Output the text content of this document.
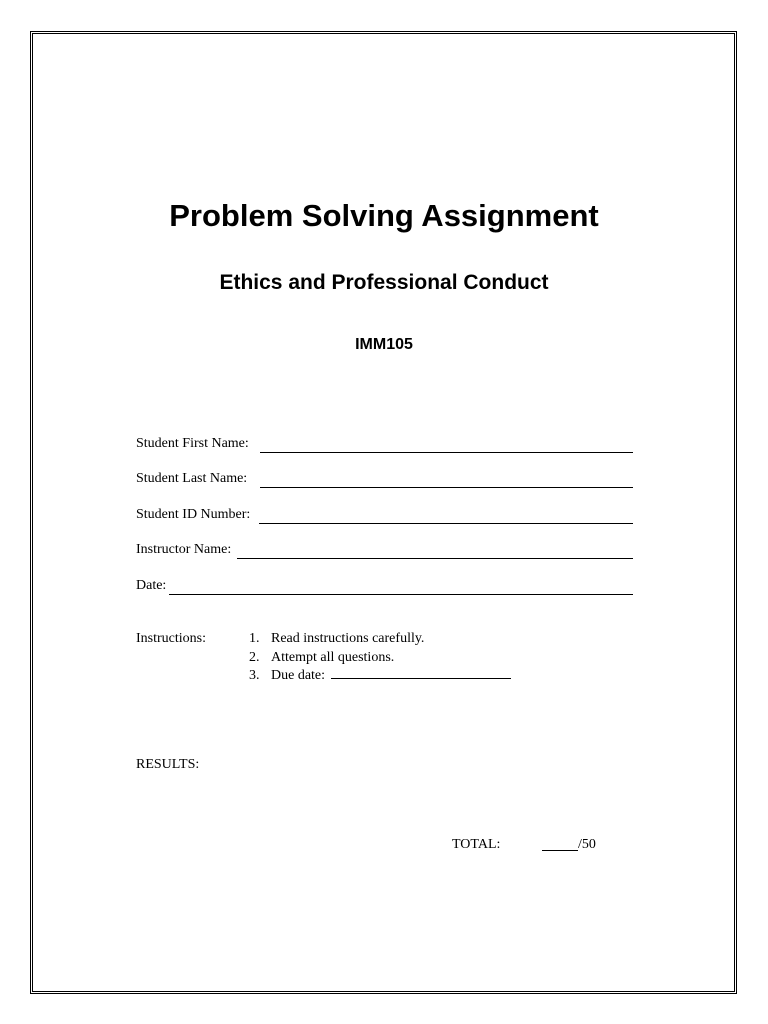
Problem Solving Assignment
Ethics and Professional Conduct
IMM105
Student First Name:
Student Last Name:
Student ID Number:
Instructor Name:
Date:
Instructions:	1. Read instructions carefully.
2. Attempt all questions.
3. Due date:
RESULTS:
TOTAL:	/50
